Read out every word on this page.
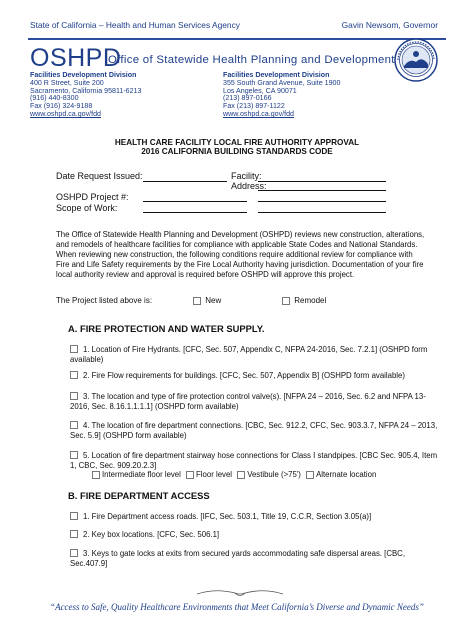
State of California – Health and Human Services Agency	Gavin Newsom, Governor
OSHPD
Office of Statewide Health Planning and Development
Facilities Development Division
400 R Street, Suite 200
Sacramento, California 95811-6213
(916) 440-8300
Fax (916) 324-9188
www.oshpd.ca.gov/fdd
Facilities Development Division
355 South Grand Avenue, Suite 1900
Los Angeles, CA 90071
(213) 897-0166
Fax (213) 897-1122
www.oshpd.ca.gov/fdd
HEALTH CARE FACILITY LOCAL FIRE AUTHORITY APPROVAL
2016 CALIFORNIA BUILDING STANDARDS CODE
Date Request Issued:	Facility:
Address:
OSHPD Project #:
Scope of Work:
The Office of Statewide Health Planning and Development (OSHPD) reviews new construction, alterations, and remodels of healthcare facilities for compliance with applicable State Codes and National Standards. When reviewing new construction, the following conditions require additional review for compliance with Fire and Life Safety requirements by the Fire Local Authority having jurisdiction. Documentation of your fire local authority review and approval is required before OSHPD will approve this project.
The Project listed above is:	New	Remodel
A. FIRE PROTECTION AND WATER SUPPLY.
1. Location of Fire Hydrants. [CFC, Sec. 507, Appendix C, NFPA 24-2016, Sec. 7.2.1] (OSHPD form available)
2. Fire Flow requirements for buildings. [CFC, Sec. 507, Appendix B] (OSHPD form available)
3. The location and type of fire protection control valve(s). [NFPA 24 – 2016, Sec. 6.2 and NFPA 13-2016, Sec. 8.16.1.1.1.1] (OSHPD form available)
4. The location of fire department connections. [CBC, Sec. 912.2, CFC, Sec. 903.3.7, NFPA 24 – 2013, Sec. 5.9] (OSHPD form available)
5. Location of fire department stairway hose connections for Class I standpipes. [CBC Sec. 905.4, Item 1, CBC, Sec. 909.20.2.3]
Intermediate floor level Floor level Vestibule (>75') Alternate location
B. FIRE DEPARTMENT ACCESS
1. Fire Department access roads. [IFC, Sec. 503.1, Title 19, C.C.R, Section 3.05(a)]
2. Key box locations. [CFC, Sec. 506.1]
3. Keys to gate locks at exits from secured yards accommodating safe dispersal areas. [CBC, Sec.407.9]
“Access to Safe, Quality Healthcare Environments that Meet California’s Diverse and Dynamic Needs”
